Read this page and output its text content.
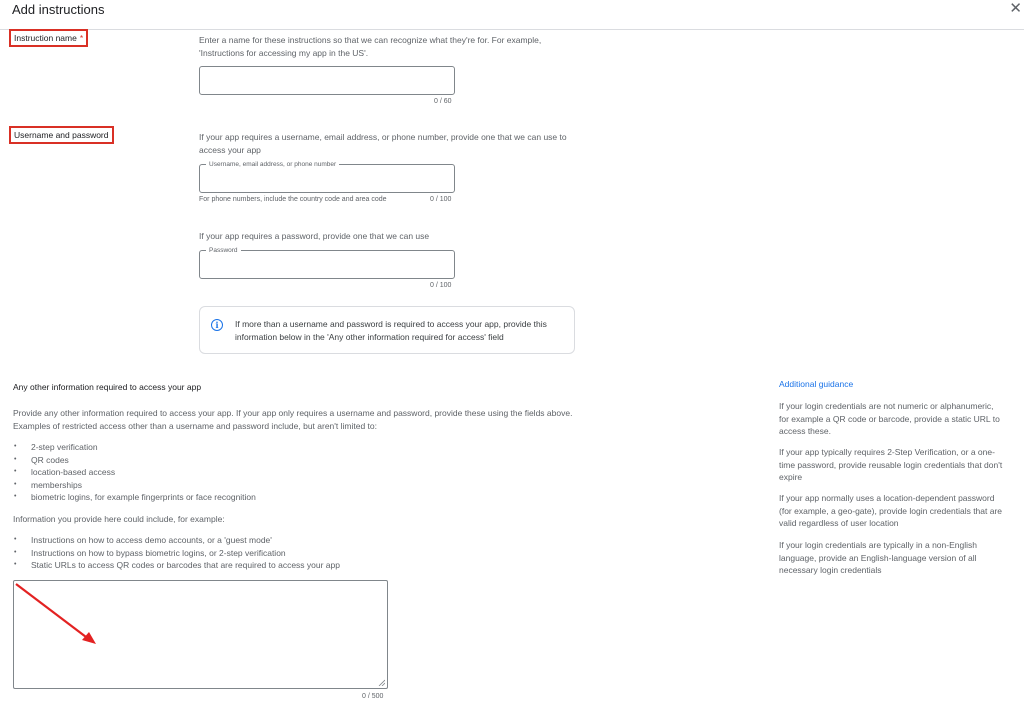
Add instructions	✕
Instruction name *	Enter a name for these instructions so that we can recognize what they're for. For example, 'Instructions for accessing my app in the US'.
0 / 60
Username and password	If your app requires a username, email address, or phone number, provide one that we can use to access your app
Username, email address, or phone number
For phone numbers, include the country code and area code	0 / 100
If your app requires a password, provide one that we can use
Password
0 / 100
i	If more than a username and password is required to access your app, provide this information below in the 'Any other information required for access' field
Any other information required to access your app
Provide any other information required to access your app. If your app only requires a username and password, provide these using the fields above. Examples of restricted access other than a username and password include, but aren't limited to:
• 2-step verification
• QR codes
• location-based access
• memberships
• biometric logins, for example fingerprints or face recognition
Information you provide here could include, for example:
• Instructions on how to access demo accounts, or a 'guest mode'
• Instructions on how to bypass biometric logins, or 2-step verification
• Static URLs to access QR codes or barcodes that are required to access your app
0 / 500
Additional guidance
If your login credentials are not numeric or alphanumeric, for example a QR code or barcode, provide a static URL to access these.
If your app typically requires 2-Step Verification, or a one-time password, provide reusable login credentials that don't expire
If your app normally uses a location-dependent password (for example, a geo-gate), provide login credentials that are valid regardless of user location
If your login credentials are typically in a non-English language, provide an English-language version of all necessary login credentials
